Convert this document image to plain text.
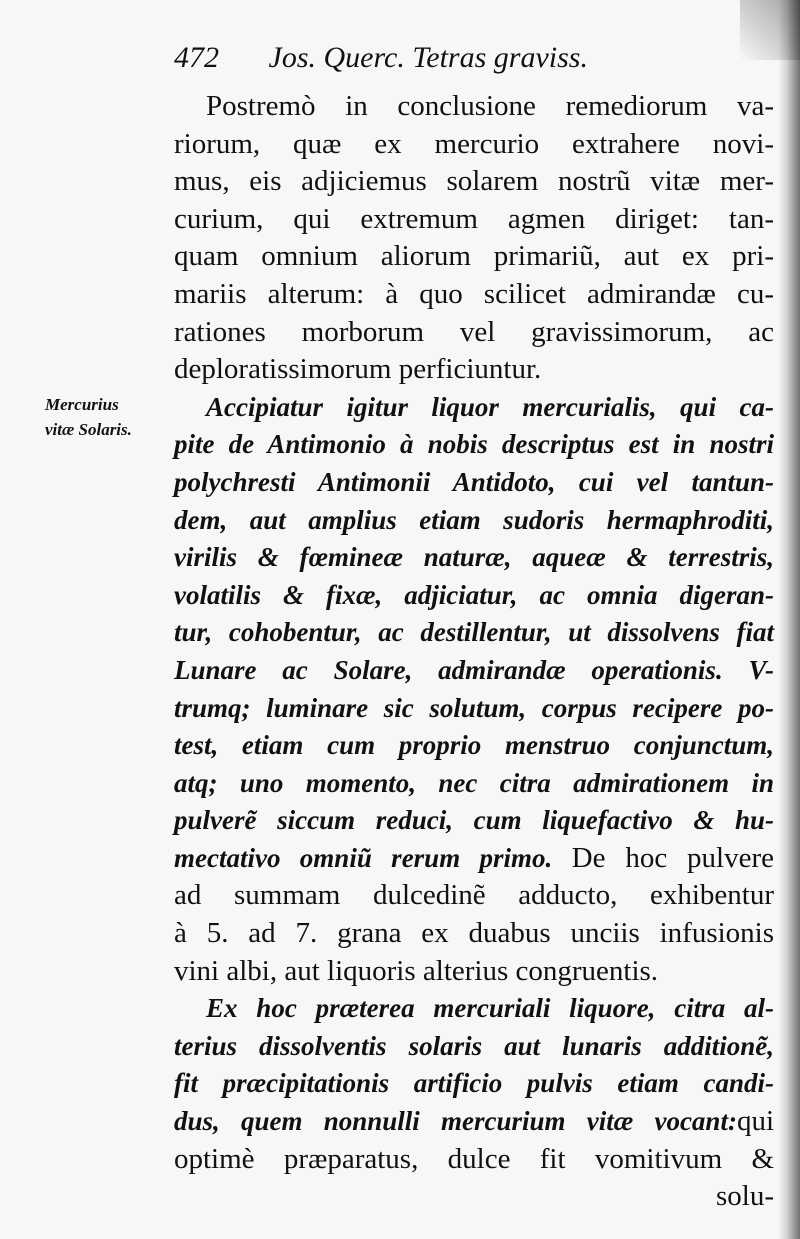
472 Jos. Querc. Tetras graviss.
Mercurius
vitæ Solaris.
Postremò in conclusione remediorum va-
riorum, quæ ex mercurio extrahere novi-
mus, eis adjiciemus solarem nostrũ vitæ mer-
curium, qui extremum agmen diriget: tan-
quam omnium aliorum primariũ, aut ex pri-
mariis alterum: à quo scilicet admirandæ cu-
rationes morborum vel gravissimorum, ac
deploratissimorum perficiuntur.
Accipiatur igitur liquor mercurialis, qui ca-
pite de Antimonio à nobis descriptus est in nostri
polychresti Antimonii Antidoto, cui vel tantun-
dem, aut amplius etiam sudoris hermaphroditi,
virilis & fœmineæ naturæ, aqueæ & terrestris,
volatilis & fixæ, adjiciatur, ac omnia digeran-
tur, cohobentur, ac destillentur, ut dissolvens fiat
Lunare ac Solare, admirandæ operationis. V-
trumq; luminare sic solutum, corpus recipere po-
test, etiam cum proprio menstruo conjunctum,
atq; uno momento, nec citra admirationem in
pulverẽ siccum reduci, cum liquefactivo & hu-
mectativo omniũ rerum primo. De hoc pulvere
ad summam dulcedinẽ adducto, exhibentur
à 5. ad 7. grana ex duabus unciis infusionis
vini albi, aut liquoris alterius congruentis.
Ex hoc præterea mercuriali liquore, citra al-
terius dissolventis solaris aut lunaris additionẽ,
fit præcipitationis artificio pulvis etiam candi-
dus, quem nonnulli mercurium vitæ vocant:qui
optimè præparatus, dulce fit vomitivum &
solu-
